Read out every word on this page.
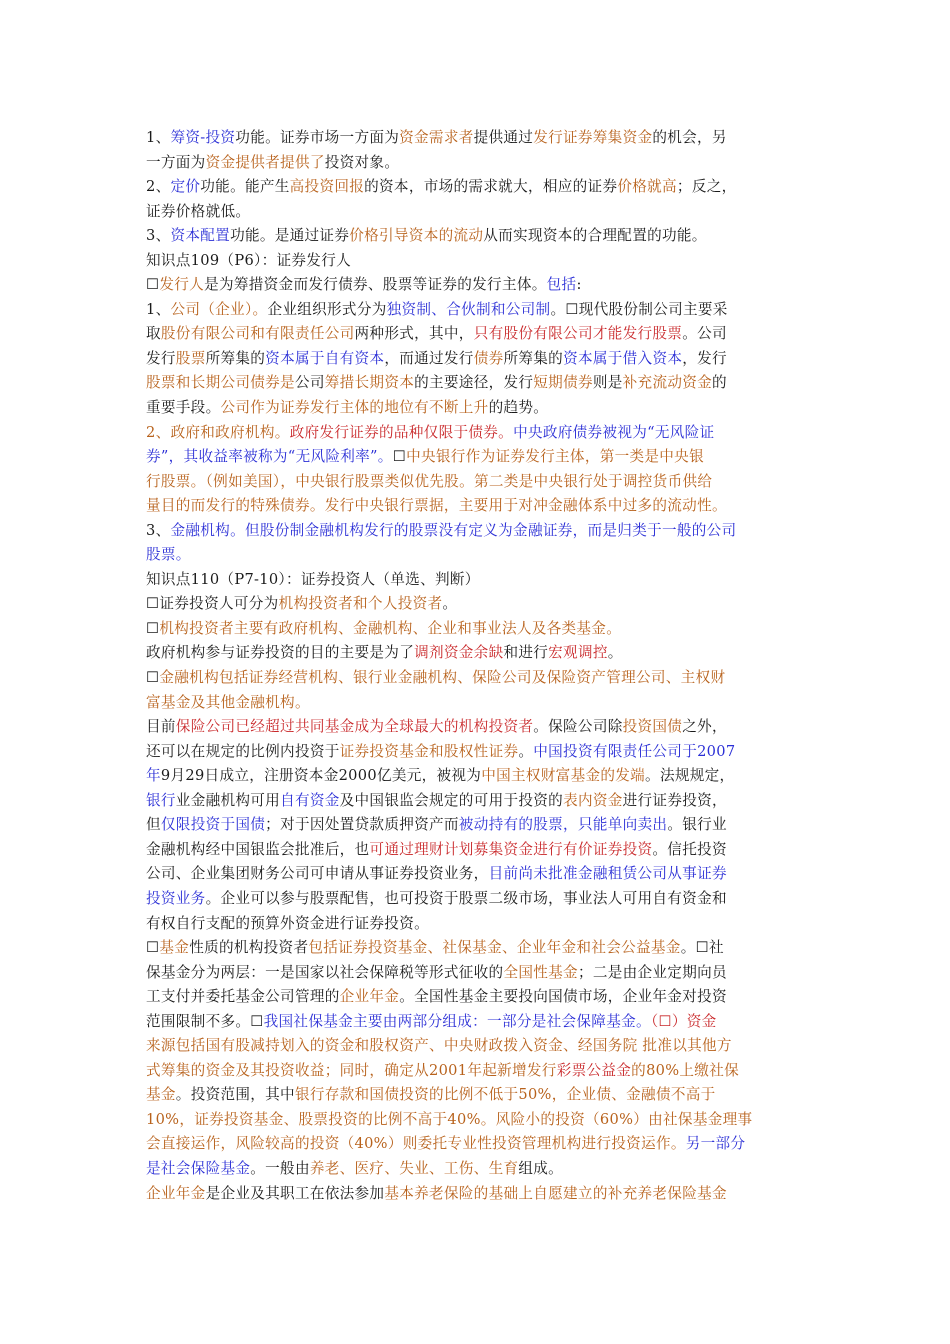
1、筹资-投资功能。证券市场一方面为资金需求者提供通过发行证券筹集资金的机会，另
一方面为资金提供者提供了投资对象。
2、定价功能。能产生高投资回报的资本，市场的需求就大，相应的证券价格就高；反之，
证券价格就低。
3、资本配置功能。是通过证券价格引导资本的流动从而实现资本的合理配置的功能。
知识点109（P6）：证券发行人
☐发行人是为筹措资金而发行债券、股票等证券的发行主体。包括:
1、公司（企业）。企业组织形式分为独资制、合伙制和公司制。☐现代股份制公司主要采
取股份有限公司和有限责任公司两种形式，其中，只有股份有限公司才能发行股票。公司
发行股票所筹集的资本属于自有资本，而通过发行债券所筹集的资本属于借入资本，发行
股票和长期公司债券是公司筹措长期资本的主要途径，发行短期债券则是补充流动资金的
重要手段。公司作为证券发行主体的地位有不断上升的趋势。
2、政府和政府机构。政府发行证券的品种仅限于债券。中央政府债券被视为“无风险证
券”，其收益率被称为“无风险利率”。☐中央银行作为证券发行主体，第一类是中央银
行股票。（例如美国），中央银行股票类似优先股。第二类是中央银行处于调控货币供给
量目的而发行的特殊债券。发行中央银行票据，主要用于对冲金融体系中过多的流动性。
3、金融机构。但股份制金融机构发行的股票没有定义为金融证券，而是归类于一般的公司
股票。
知识点110（P7-10）：证券投资人（单选、判断）
☐证券投资人可分为机构投资者和个人投资者。
☐机构投资者主要有政府机构、金融机构、企业和事业法人及各类基金。
政府机构参与证券投资的目的主要是为了调剂资金余缺和进行宏观调控。
☐金融机构包括证券经营机构、银行业金融机构、保险公司及保险资产管理公司、主权财
富基金及其他金融机构。
目前保险公司已经超过共同基金成为全球最大的机构投资者。保险公司除投资国债之外，
还可以在规定的比例内投资于证券投资基金和股权性证券。中国投资有限责任公司于2007
年9月29日成立，注册资本金2000亿美元，被视为中国主权财富基金的发端。法规规定，
银行业金融机构可用自有资金及中国银监会规定的可用于投资的表内资金进行证券投资，
但仅限投资于国债；对于因处置贷款质押资产而被动持有的股票，只能单向卖出。银行业
金融机构经中国银监会批准后，也可通过理财计划募集资金进行有价证券投资。信托投资
公司、企业集团财务公司可申请从事证券投资业务，目前尚未批准金融租赁公司从事证券
投资业务。企业可以参与股票配售，也可投资于股票二级市场，事业法人可用自有资金和
有权自行支配的预算外资金进行证券投资。
☐基金性质的机构投资者包括证券投资基金、社保基金、企业年金和社会公益基金。☐社
保基金分为两层：一是国家以社会保障税等形式征收的全国性基金；二是由企业定期向员
工支付并委托基金公司管理的企业年金。全国性基金主要投向国债市场，企业年金对投资
范围限制不多。☐我国社保基金主要由两部分组成：一部分是社会保障基金。（☐）资金
来源包括国有股减持划入的资金和股权资产、中央财政拨入资金、经国务院 批准以其他方
式筹集的资金及其投资收益；同时，确定从2001年起新增发行彩票公益金的80%上缴社保
基金。投资范围，其中银行存款和国债投资的比例不低于50%，企业债、金融债不高于
10%，证券投资基金、股票投资的比例不高于40%。风险小的投资（60%）由社保基金理事
会直接运作，风险较高的投资（40%）则委托专业性投资管理机构进行投资运作。另一部分
是社会保险基金。一般由养老、医疗、失业、工伤、生育组成。
企业年金是企业及其职工在依法参加基本养老保险的基础上自愿建立的补充养老保险基金
